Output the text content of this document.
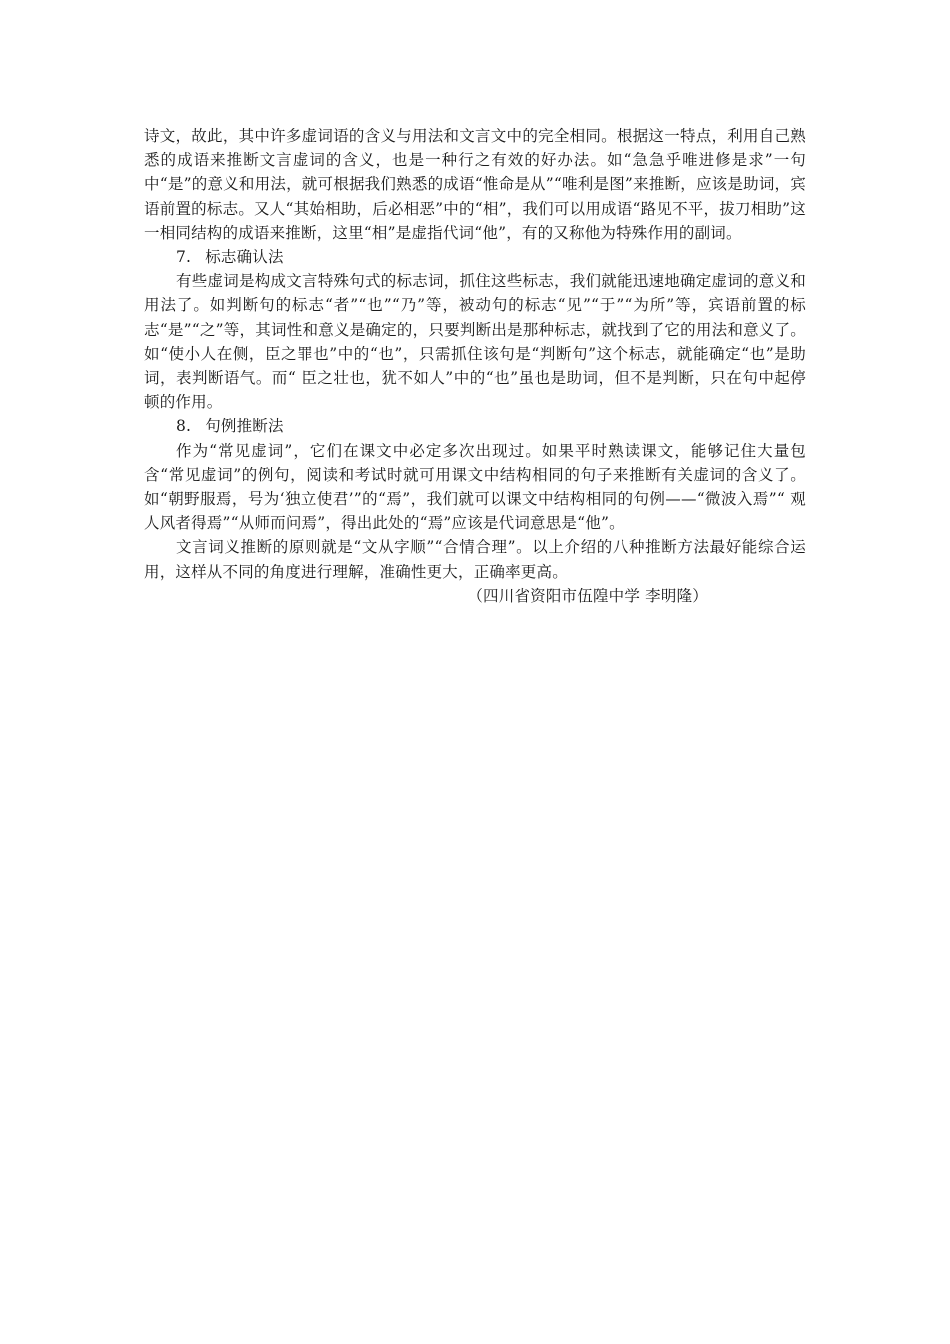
诗文，故此，其中许多虚词语的含义与用法和文言文中的完全相同。根据这一特点，利用自己熟悉的成语来推断文言虚词的含义，也是一种行之有效的好办法。如“急急乎唯进修是求”一句中“是”的意义和用法，就可根据我们熟悉的成语“惟命是从”“唯利是图”来推断，应该是助词，宾语前置的标志。又人“其始相助，后必相恶”中的“相”，我们可以用成语“路见不平，拔刀相助”这一相同结构的成语来推断，这里“相”是虚指代词“他”，有的又称他为特殊作用的副词。

7. 标志确认法

有些虚词是构成文言特殊句式的标志词，抓住这些标志，我们就能迅速地确定虚词的意义和用法了。如判断句的标志“者”“也”“乃”等，被动句的标志“见”“于”“为所”等，宾语前置的标志“是”“之”等，其词性和意义是确定的，只要判断出是那种标志，就找到了它的用法和意义了。如“使小人在侧，臣之罪也”中的“也”，只需抓住该句是“判断句”这个标志，就能确定“也”是助词，表判断语气。而“ 臣之壮也，犹不如人”中的“也”虽也是助词，但不是判断，只在句中起停顿的作用。

8. 句例推断法

作为“常见虚词”，它们在课文中必定多次出现过。如果平时熟读课文，能够记住大量包含“常见虚词”的例句，阅读和考试时就可用课文中结构相同的句子来推断有关虚词的含义了。如“朝野服焉，号为‘独立使君’”的“焉”，我们就可以课文中结构相同的句例——“微波入焉”“ 观人风者得焉”“从师而问焉”，得出此处的“焉”应该是代词意思是“他”。

文言词义推断的原则就是“文从字顺”“合情合理”。以上介绍的八种推断方法最好能综合运用，这样从不同的角度进行理解，准确性更大，正确率更高。

（四川省资阳市伍隍中学 李明隆）
